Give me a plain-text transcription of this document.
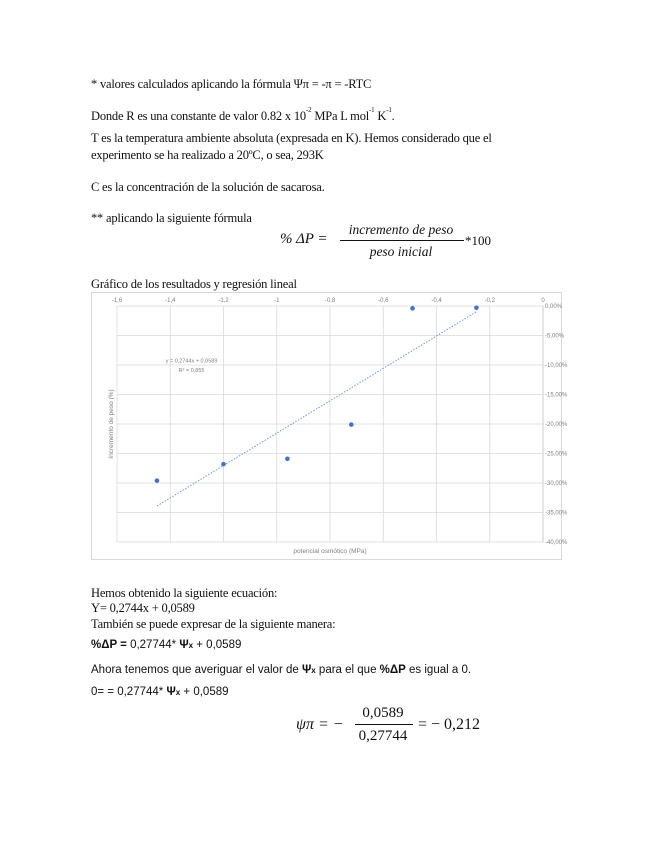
* valores calculados aplicando la fórmula Ψπ = -π = -RTC
Donde R es una constante de valor 0.82 x $10^{-2}$ MPa L mol$^{-1}$ $K^{-1}$.
T es la temperatura ambiente absoluta (expresada en K). Hemos considerado que el
experimento se ha realizado a 20ºC, o sea, 293K
C es la concentración de la solución de sacarosa.
** aplicando la siguiente fórmula
% ΔP =
incremento de peso
peso inicial
*100
Gráfico de los resultados y regresión lineal
-1,6	-1,4	-1,2	-1	-0,8	-0,6	-0,4	-0,2	0
0,00%
-5,00%
-10,00%
-15,00%
-20,00%
-25,00%
-30,00%
-35,00%
-40,00%
y = 0,2744x + 0,0589
R² = 0,855
potencial osmótico (MPa)
Incremento de peso (%)
Hemos obtenido la siguiente ecuación:
Y= 0,2744x + 0,0589
También se puede expresar de la siguiente manera:
%ΔP = 0,27744* Ψx + 0,0589
Ahora tenemos que averiguar el valor de Ψx para el que %ΔP es igual a 0.
0= = 0,27744* Ψx + 0,0589
ψπ = −
0,0589
0,27744
= − 0,212
